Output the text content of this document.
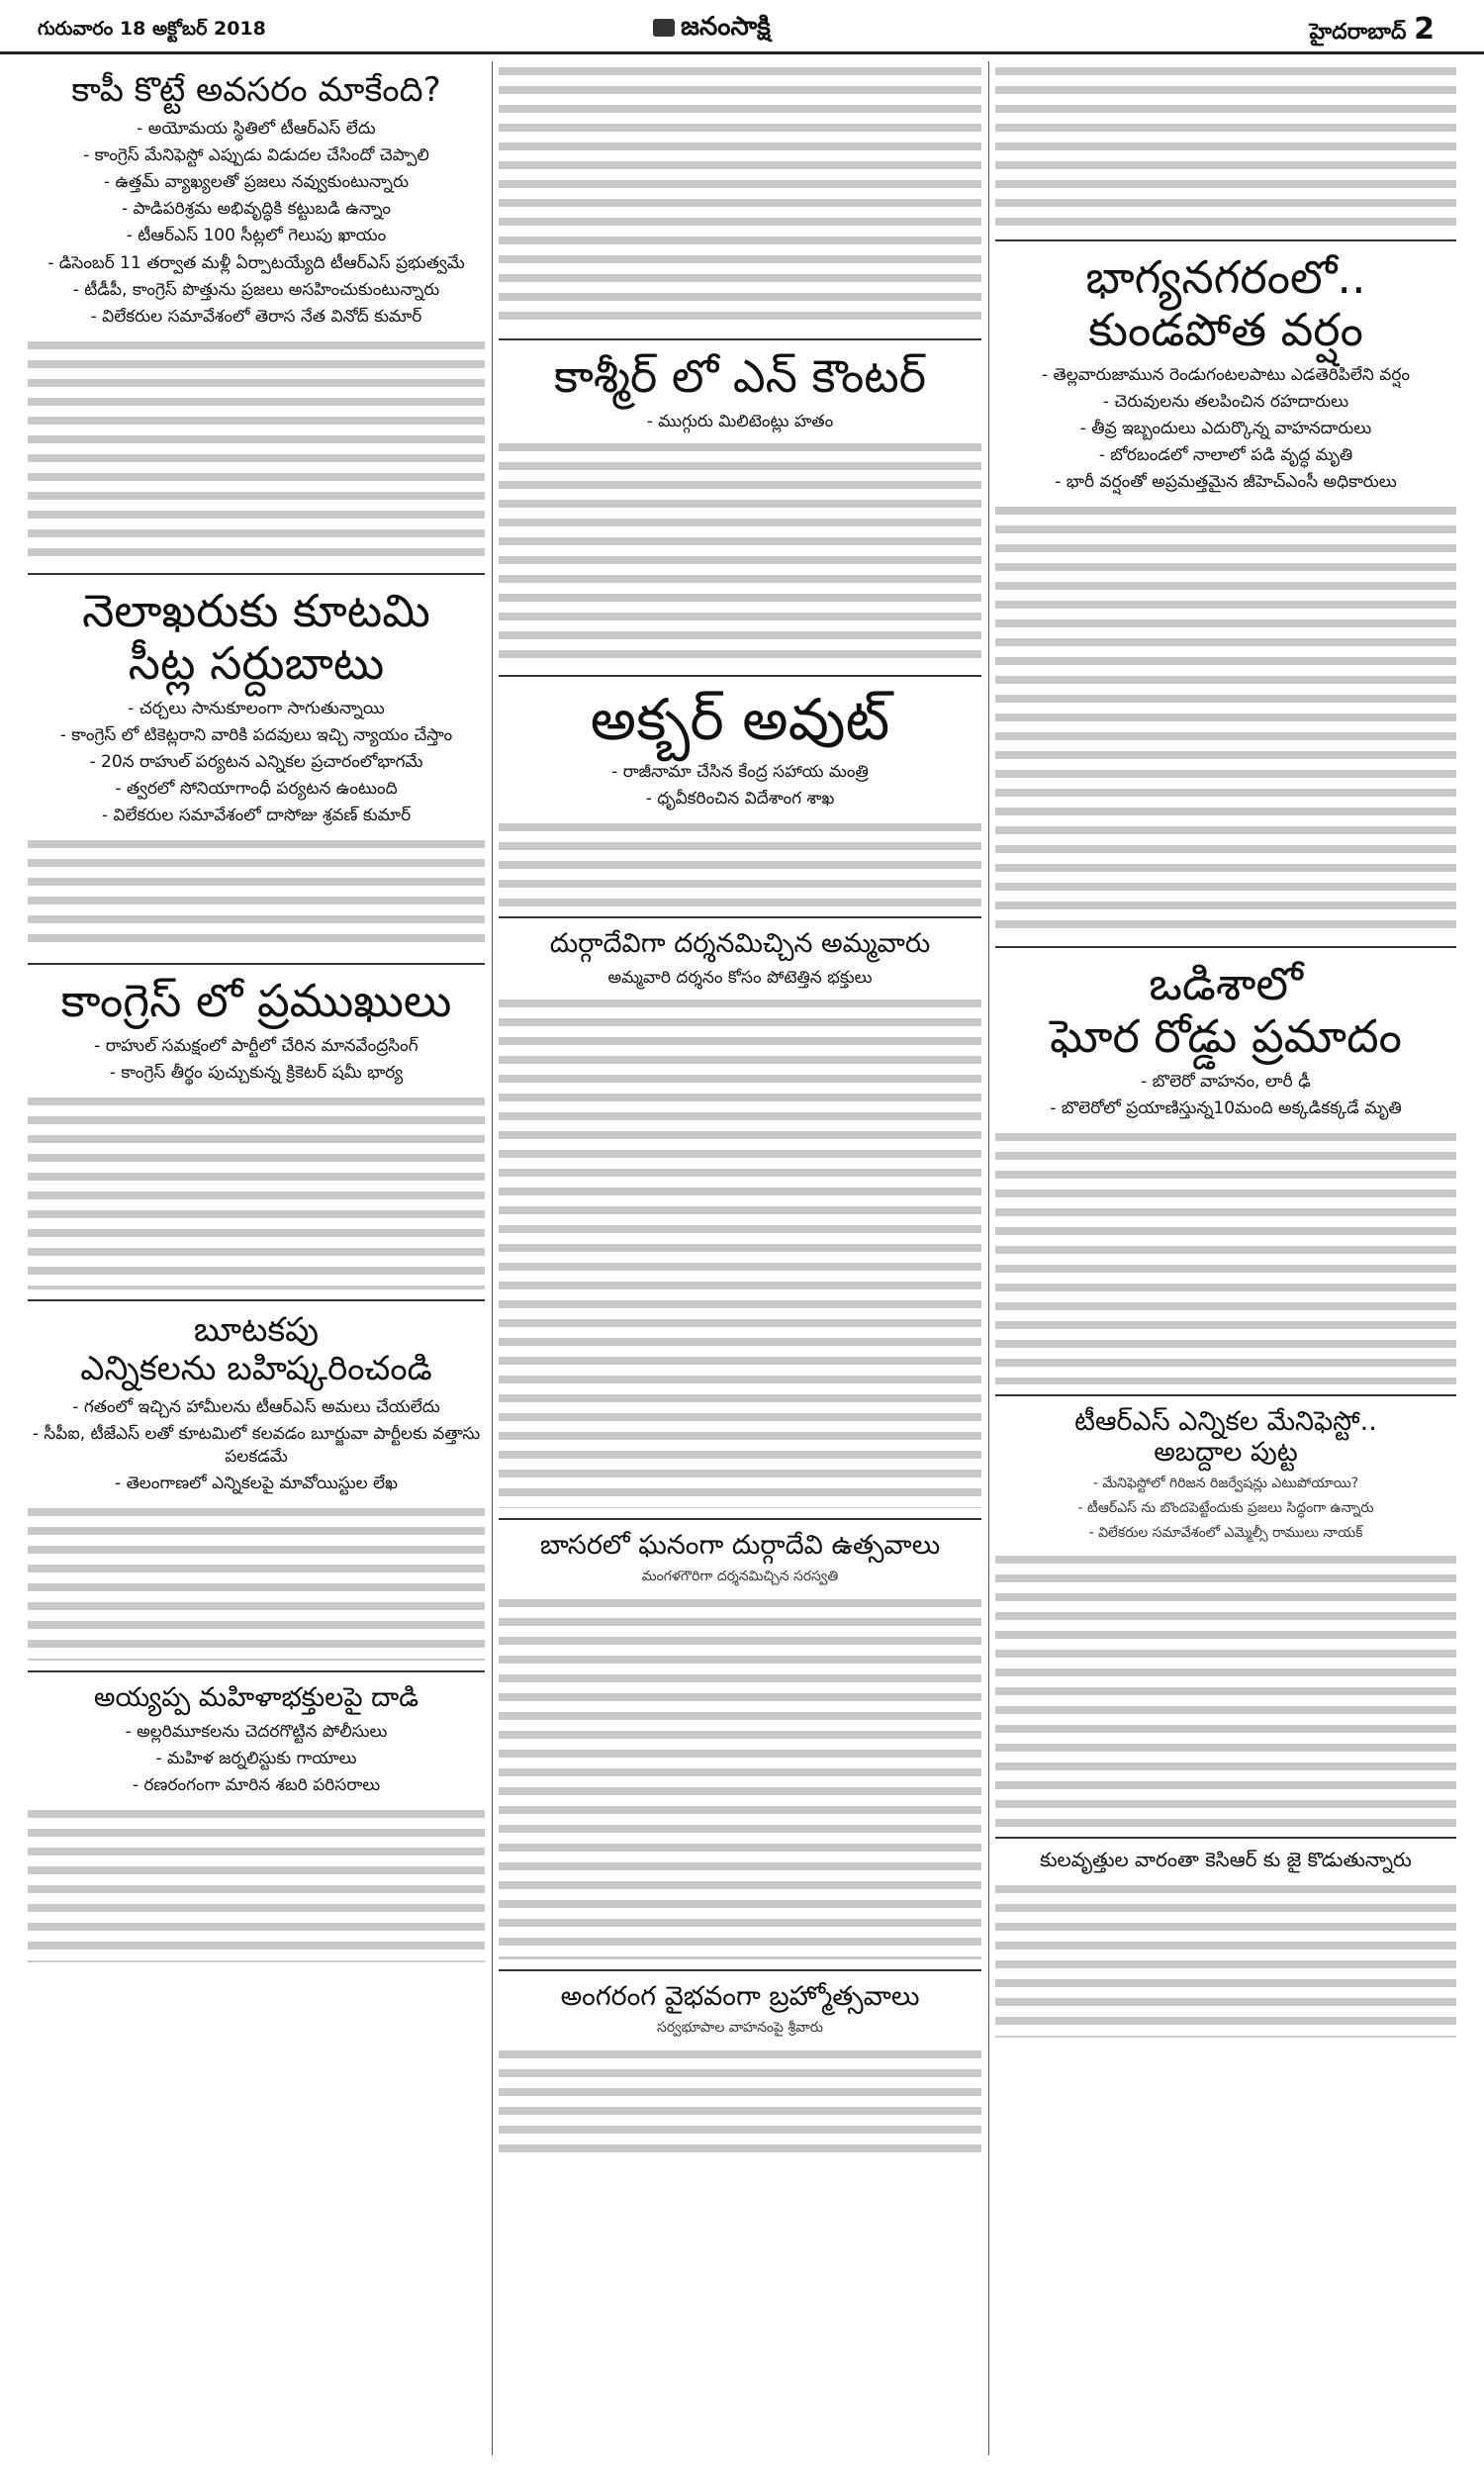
గురువారం 18 అక్టోబర్ 2018	జనంసాక్షి	హైదరాబాద్ 2
కాపీ కొట్టే అవసరం మాకేంది?
- అయోమయ స్థితిలో టీఆర్ఎస్ లేదు
- కాంగ్రెస్ మేనిఫెస్టో ఎప్పుడు విడుదల చేసిందో చెప్పాలి
- ఉత్తమ్ వ్యాఖ్యలతో ప్రజలు నవ్వుకుంటున్నారు
- పాడిపరిశ్రమ అభివృద్ధికి కట్టుబడి ఉన్నాం
- టీఆర్ఎస్ 100 సీట్లలో గెలుపు ఖాయం
- డిసెంబర్ 11 తర్వాత మళ్లీ ఏర్పాటయ్యేది టీఆర్ఎస్ ప్రభుత్వమే
- టీడీపీ, కాంగ్రెస్ పొత్తును ప్రజలు అసహించుకుంటున్నారు
- విలేకరుల సమావేశంలో తెరాస నేత వినోద్ కుమార్
నెలాఖరుకు కూటమి
సీట్ల సర్దుబాటు
- చర్చలు సానుకూలంగా సాగుతున్నాయి
- కాంగ్రెస్ లో టికెట్లరాని వారికి పదవులు ఇచ్చి న్యాయం చేస్తాం
- 20న రాహుల్ పర్యటన ఎన్నికల ప్రచారంలోభాగమే
- త్వరలో సోనియాగాంధీ పర్యటన ఉంటుంది
- విలేకరుల సమావేశంలో దాసోజు శ్రవణ్ కుమార్
కాంగ్రెస్ లో ప్రముఖులు
- రాహుల్ సమక్షంలో పార్టీలో చేరిన మానవేంద్రసింగ్
- కాంగ్రెస్ తీర్థం పుచ్చుకున్న క్రికెటర్ షమీ భార్య
బూటకపు
ఎన్నికలను బహిష్కరించండి
- గతంలో ఇచ్చిన హామీలను టీఆర్ఎస్ అమలు చేయలేదు
- సీపీఐ, టీజేఎస్ లతో కూటమిలో కలవడం బూర్జువా పార్టీలకు వత్తాసు పలకడమే
- తెలంగాణలో ఎన్నికలపై మావోయిస్టుల లేఖ
అయ్యప్ప మహిళాభక్తులపై దాడి
- అల్లరిమూకలను చెదరగొట్టిన పోలీసులు
- మహిళ జర్నలిస్టుకు గాయాలు
- రణరంగంగా మారిన శబరి పరిసరాలు
కాశ్మీర్ లో ఎన్ కౌంటర్
- ముగ్గురు మిలిటెంట్లు హతం
అక్బర్ అవుట్
- రాజీనామా చేసిన కేంద్ర సహాయ మంత్రి
- ధృవీకరించిన విదేశాంగ శాఖ
దుర్గాదేవిగా దర్శనమిచ్చిన అమ్మవారు
అమ్మవారి దర్శనం కోసం పోటెత్తిన భక్తులు
బాసరలో ఘనంగా దుర్గాదేవి ఉత్సవాలు
మంగళగౌరిగా దర్శనమిచ్చిన సరస్వతి
అంగరంగ వైభవంగా బ్రహ్మోత్సవాలు
సర్వభూపాల వాహనంపై శ్రీవారు
భాగ్యనగరంలో..
కుండపోత వర్షం
- తెల్లవారుజామున రెండుగంటలపాటు ఎడతెరిపిలేని వర్షం
- చెరువులను తలపించిన రహదారులు
- తీవ్ర ఇబ్బందులు ఎదుర్కొన్న వాహనదారులు
- బోరబండలో నాలాలో పడి వృద్ధ మృతి
- భారీ వర్షంతో అప్రమత్తమైన జీహెచ్ఎంసీ అధికారులు
ఒడిశాలో
ఘోర రోడ్డు ప్రమాదం
- బొలెరో వాహనం, లారీ ఢీ
- బొలెరోలో ప్రయాణిస్తున్న10మంది అక్కడికక్కడే మృతి
టీఆర్ఎస్ ఎన్నికల మేనిఫెస్టో..
అబద్దాల పుట్ట
- మేనిఫెస్టోలో గిరిజన రిజర్వేషన్లు ఎటుపోయాయి?
- టీఆర్ఎస్ ను బొందపెట్టేందుకు ప్రజలు సిద్ధంగా ఉన్నారు
- విలేకరుల సమావేశంలో ఎమ్మెల్సీ రాములు నాయక్
కులవృత్తుల వారంతా కెసిఆర్ కు జై కొడుతున్నారు
